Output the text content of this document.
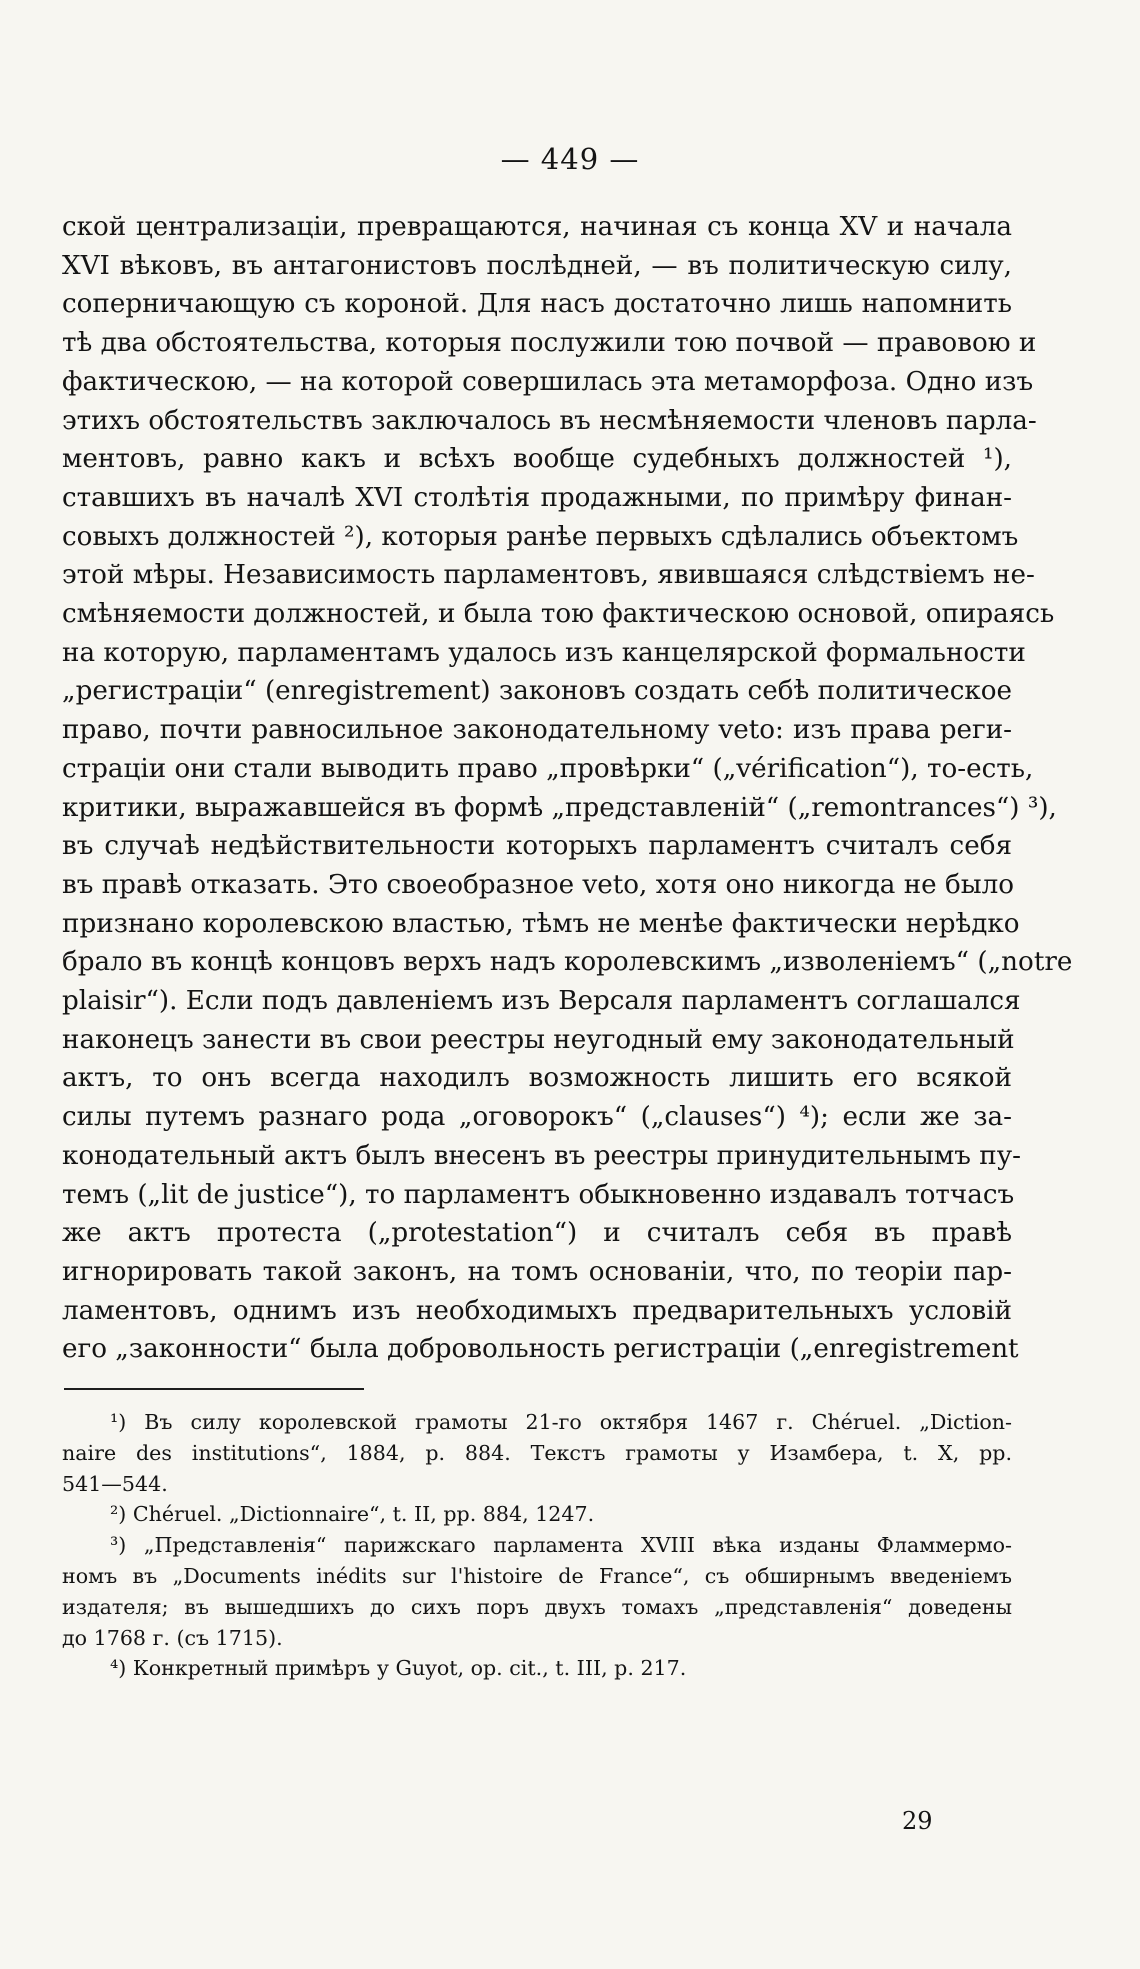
— 449 —
ской централизаціи, превращаются, начиная съ конца XV и начала
XVI вѣковъ, въ антагонистовъ послѣдней, — въ политическую силу,
соперничающую съ короной. Для насъ достаточно лишь напомнить
тѣ два обстоятельства, которыя послужили тою почвой — правовою и
фактическою, — на которой совершилась эта метаморфоза. Одно изъ
этихъ обстоятельствъ заключалось въ несмѣняемости членовъ парла-
ментовъ, равно какъ и всѣхъ вообще судебныхъ должностей ¹),
ставшихъ въ началѣ XVI столѣтія продажными, по примѣру финан-
совыхъ должностей ²), которыя ранѣе первыхъ сдѣлались объектомъ
этой мѣры. Независимость парламентовъ, явившаяся слѣдствіемъ не-
смѣняемости должностей, и была тою фактическою основой, опираясь
на которую, парламентамъ удалось изъ канцелярской формальности
„регистраціи“ (enregistrement) законовъ создать себѣ политическое
право, почти равносильное законодательному veto: изъ права реги-
страціи они стали выводить право „провѣрки“ („vérification“), то-есть,
критики, выражавшейся въ формѣ „представленій“ („remontrances“) ³),
въ случаѣ недѣйствительности которыхъ парламентъ считалъ себя
въ правѣ отказать. Это своеобразное veto, хотя оно никогда не было
признано королевскою властью, тѣмъ не менѣе фактически нерѣдко
брало въ концѣ концовъ верхъ надъ королевскимъ „изволеніемъ“ („notre
plaisir“). Если подъ давленіемъ изъ Версаля парламентъ соглашался
наконецъ занести въ свои реестры неугодный ему законодательный
актъ, то онъ всегда находилъ возможность лишить его всякой
силы путемъ разнаго рода „оговорокъ“ („clauses“) ⁴); если же за-
конодательный актъ былъ внесенъ въ реестры принудительнымъ пу-
темъ („lit de justice“), то парламентъ обыкновенно издавалъ тотчасъ
же актъ протеста („protestation“) и считалъ себя въ правѣ
игнорировать такой законъ, на томъ основаніи, что, по теоріи пар-
ламентовъ, однимъ изъ необходимыхъ предварительныхъ условій
его „законности“ была добровольность регистраціи („enregistrement
¹) Въ силу королевской грамоты 21-го октября 1467 г. Chéruel. „Diction-
naire des institutions“, 1884, p. 884. Текстъ грамоты у Изамбера, t. X, pp.
541—544.
²) Chéruel. „Dictionnaire“, t. II, pp. 884, 1247.
³) „Представленія“ парижскаго парламента XVIII вѣка изданы Фламмермо-
номъ въ „Documents inédits sur l'histoire de France“, съ обширнымъ введеніемъ
издателя; въ вышедшихъ до сихъ поръ двухъ томахъ „представленія“ доведены
до 1768 г. (съ 1715).
⁴) Конкретный примѣръ у Guyot, op. cit., t. III, p. 217.
29
